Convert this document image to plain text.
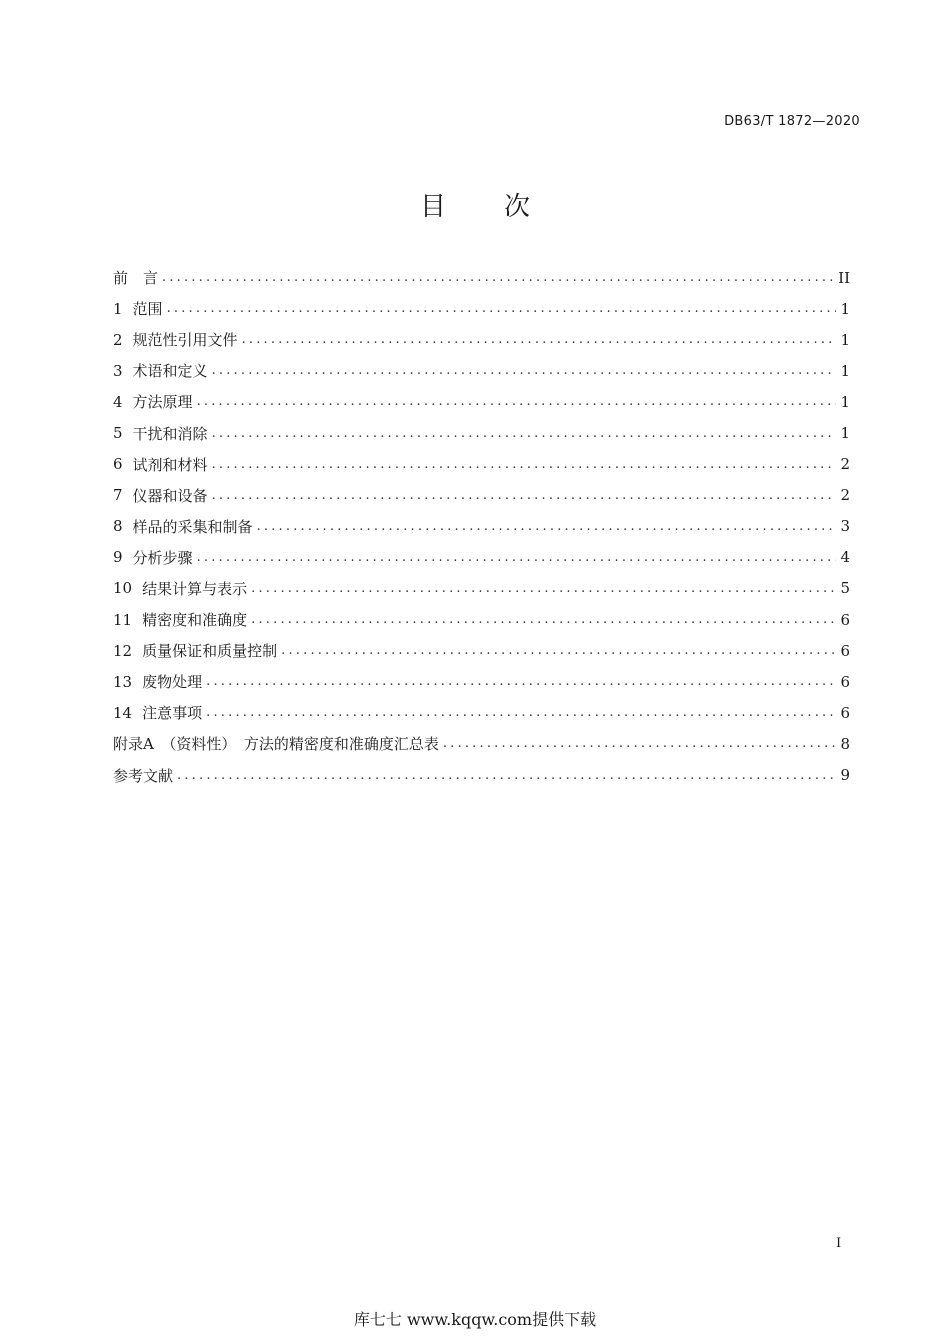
DB63/T 1872—2020
目次
前　言 .....	II
1 范围 .....	1
2 规范性引用文件 .....	1
3 术语和定义 .....	1
4 方法原理 .....	1
5 干扰和消除 .....	1
6 试剂和材料 .....	2
7 仪器和设备 .....	2
8 样品的采集和制备 .....	3
9 分析步骤 .....	4
10 结果计算与表示 .....	5
11 精密度和准确度 .....	6
12 质量保证和质量控制 .....	6
13 废物处理 .....	6
14 注意事项 .....	6
附录A　（资料性）　方法的精密度和准确度汇总表 .....	8
参考文献 .....	9
I
库七七 www.kqqw.com提供下载
